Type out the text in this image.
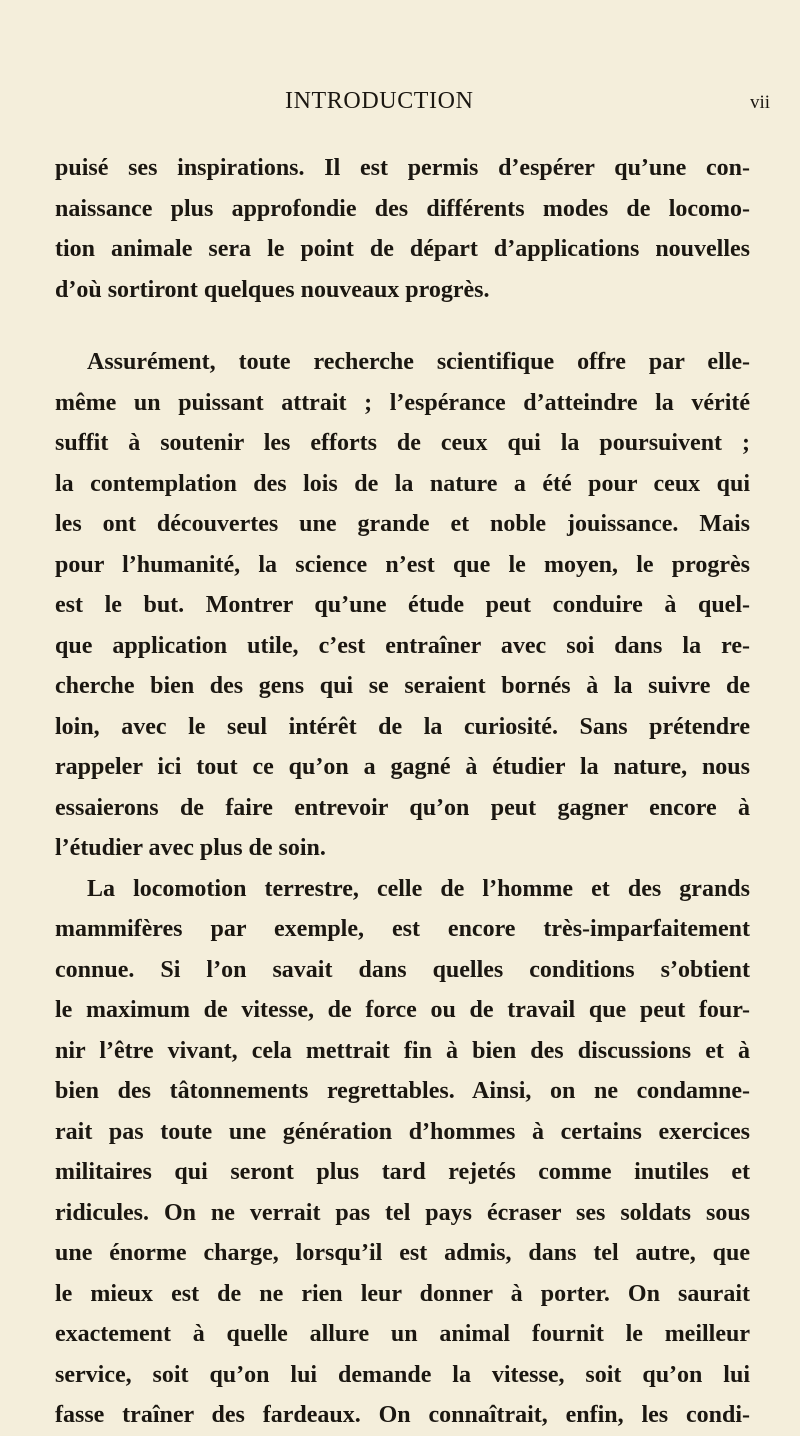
INTRODUCTION	vii
puisé ses inspirations. Il est permis d’espérer qu’une con-
naissance plus approfondie des différents modes de locomo-
tion animale sera le point de départ d’applications nouvelles
d’où sortiront quelques nouveaux progrès.
Assurément, toute recherche scientifique offre par elle-
même un puissant attrait ; l’espérance d’atteindre la vérité
suffit à soutenir les efforts de ceux qui la poursuivent ;
la contemplation des lois de la nature a été pour ceux qui
les ont découvertes une grande et noble jouissance. Mais
pour l’humanité, la science n’est que le moyen, le progrès
est le but. Montrer qu’une étude peut conduire à quel-
que application utile, c’est entraîner avec soi dans la re-
cherche bien des gens qui se seraient bornés à la suivre de
loin, avec le seul intérêt de la curiosité. Sans prétendre
rappeler ici tout ce qu’on a gagné à étudier la nature, nous
essaierons de faire entrevoir qu’on peut gagner encore à
l’étudier avec plus de soin.
La locomotion terrestre, celle de l’homme et des grands
mammifères par exemple, est encore très-imparfaitement
connue. Si l’on savait dans quelles conditions s’obtient
le maximum de vitesse, de force ou de travail que peut four-
nir l’être vivant, cela mettrait fin à bien des discussions et à
bien des tâtonnements regrettables. Ainsi, on ne condamne-
rait pas toute une génération d’hommes à certains exercices
militaires qui seront plus tard rejetés comme inutiles et
ridicules. On ne verrait pas tel pays écraser ses soldats sous
une énorme charge, lorsqu’il est admis, dans tel autre, que
le mieux est de ne rien leur donner à porter. On saurait
exactement à quelle allure un animal fournit le meilleur
service, soit qu’on lui demande la vitesse, soit qu’on lui
fasse traîner des fardeaux. On connaîtrait, enfin, les condi-
